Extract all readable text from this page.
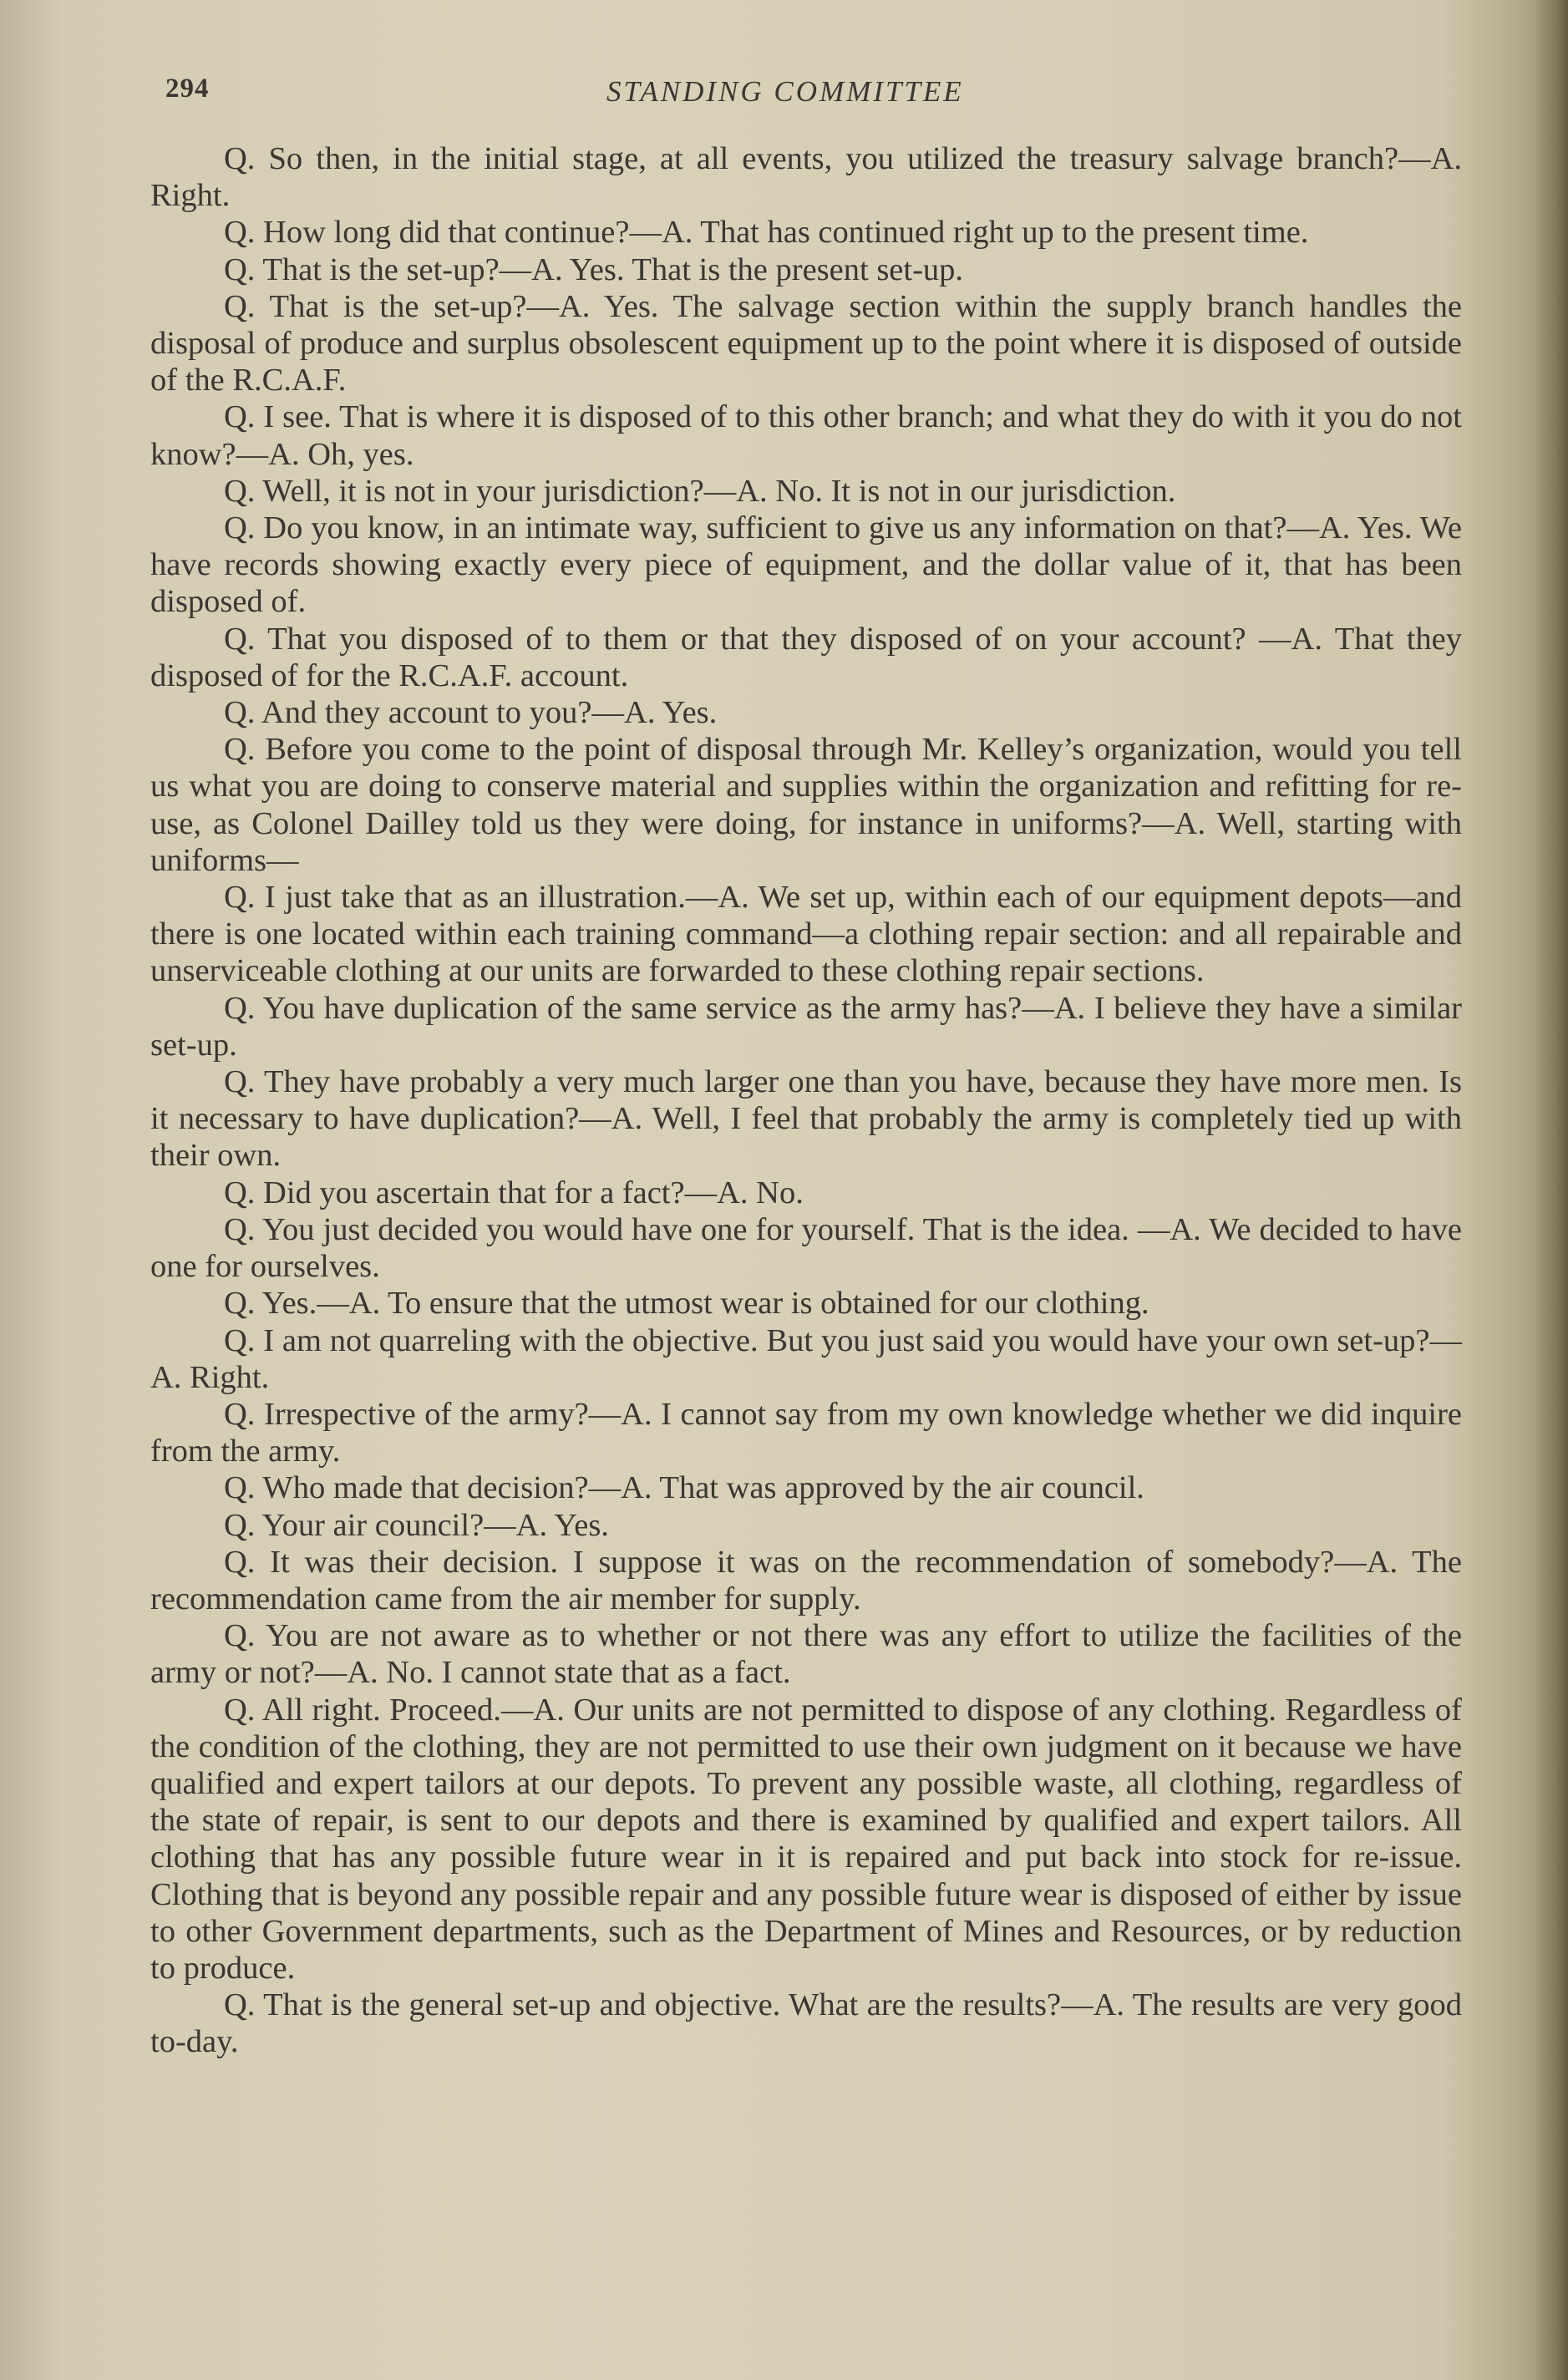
294	STANDING COMMITTEE

Q. So then, in the initial stage, at all events, you utilized the treasury salvage branch?—A. Right.

Q. How long did that continue?—A. That has continued right up to the present time.

Q. That is the set-up?—A. Yes. That is the present set-up.

Q. That is the set-up?—A. Yes. The salvage section within the supply branch handles the disposal of produce and surplus obsolescent equipment up to the point where it is disposed of outside of the R.C.A.F.

Q. I see. That is where it is disposed of to this other branch; and what they do with it you do not know?—A. Oh, yes.

Q. Well, it is not in your jurisdiction?—A. No. It is not in our jurisdiction.

Q. Do you know, in an intimate way, sufficient to give us any information on that?—A. Yes. We have records showing exactly every piece of equipment, and the dollar value of it, that has been disposed of.

Q. That you disposed of to them or that they disposed of on your account? —A. That they disposed of for the R.C.A.F. account.

Q. And they account to you?—A. Yes.

Q. Before you come to the point of disposal through Mr. Kelley’s organization, would you tell us what you are doing to conserve material and supplies within the organization and refitting for re-use, as Colonel Dailley told us they were doing, for instance in uniforms?—A. Well, starting with uniforms—

Q. I just take that as an illustration.—A. We set up, within each of our equipment depots—and there is one located within each training command—a clothing repair section: and all repairable and unserviceable clothing at our units are forwarded to these clothing repair sections.

Q. You have duplication of the same service as the army has?—A. I believe they have a similar set-up.

Q. They have probably a very much larger one than you have, because they have more men. Is it necessary to have duplication?—A. Well, I feel that probably the army is completely tied up with their own.

Q. Did you ascertain that for a fact?—A. No.

Q. You just decided you would have one for yourself. That is the idea. —A. We decided to have one for ourselves.

Q. Yes.—A. To ensure that the utmost wear is obtained for our clothing.

Q. I am not quarreling with the objective. But you just said you would have your own set-up?—A. Right.

Q. Irrespective of the army?—A. I cannot say from my own knowledge whether we did inquire from the army.

Q. Who made that decision?—A. That was approved by the air council.

Q. Your air council?—A. Yes.

Q. It was their decision. I suppose it was on the recommendation of somebody?—A. The recommendation came from the air member for supply.

Q. You are not aware as to whether or not there was any effort to utilize the facilities of the army or not?—A. No. I cannot state that as a fact.

Q. All right. Proceed.—A. Our units are not permitted to dispose of any clothing. Regardless of the condition of the clothing, they are not permitted to use their own judgment on it because we have qualified and expert tailors at our depots. To prevent any possible waste, all clothing, regardless of the state of repair, is sent to our depots and there is examined by qualified and expert tailors. All clothing that has any possible future wear in it is repaired and put back into stock for re-issue. Clothing that is beyond any possible repair and any possible future wear is disposed of either by issue to other Government departments, such as the Department of Mines and Resources, or by reduction to produce.

Q. That is the general set-up and objective. What are the results?—A. The results are very good to-day.
